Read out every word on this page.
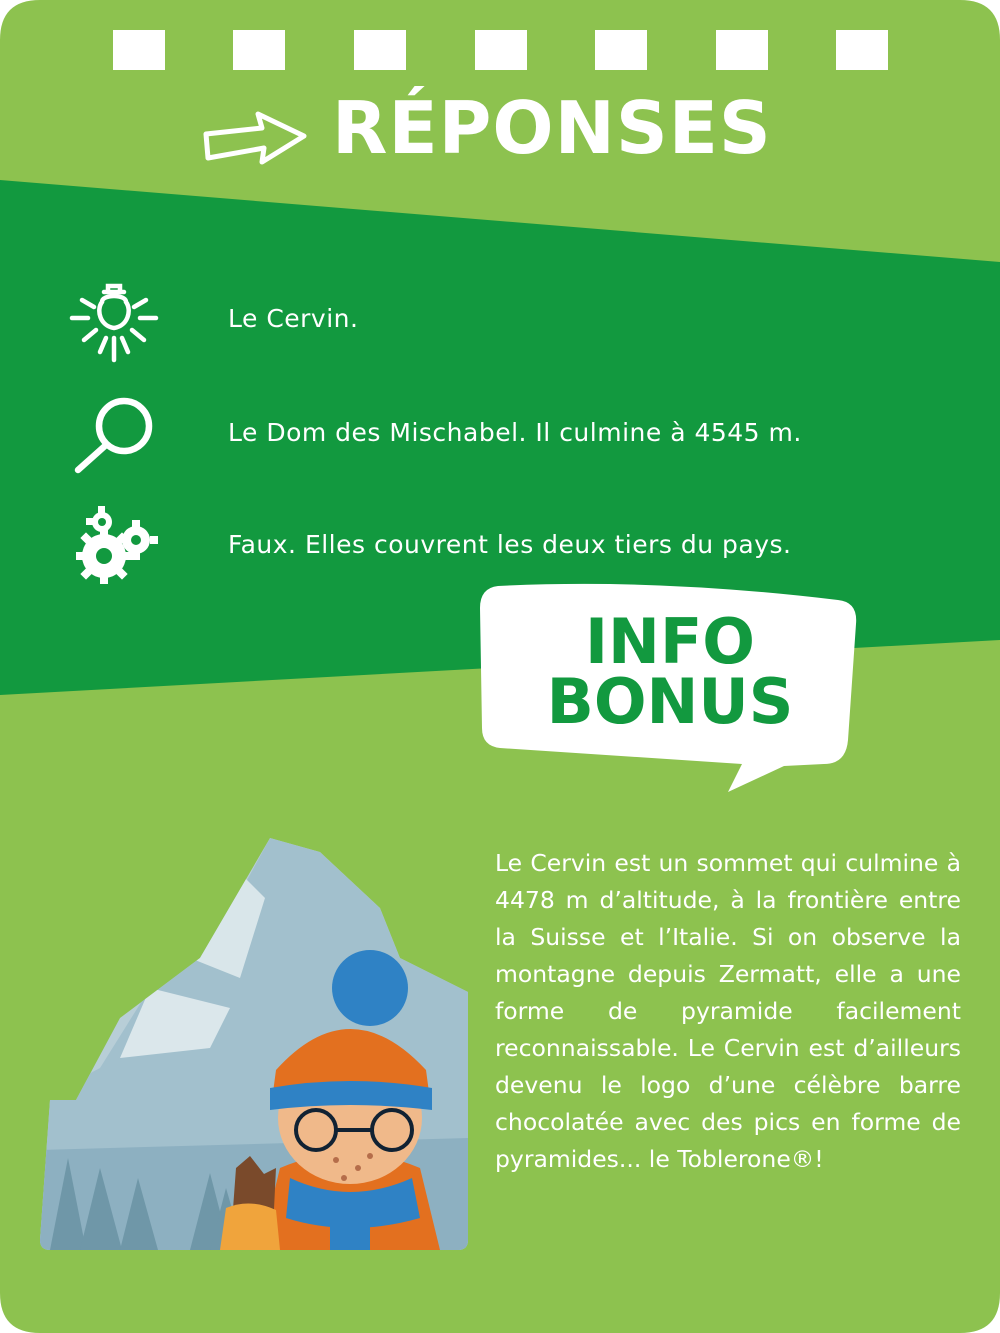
RÉPONSES
Le Cervin.
Le Dom des Mischabel. Il culmine à 4545 m.
Faux. Elles couvrent les deux tiers du pays.
INFO
BONUS

Le Cervin est un sommet qui culmine à 4478 m d’altitude, à la frontière entre la Suisse et l’Italie. Si on observe la montagne depuis Zermatt, elle a une forme de pyramide facilement reconnaissable. Le Cervin est d’ailleurs devenu le logo d’une célèbre barre chocolatée avec des pics en forme de pyramides... le Toblerone®!
